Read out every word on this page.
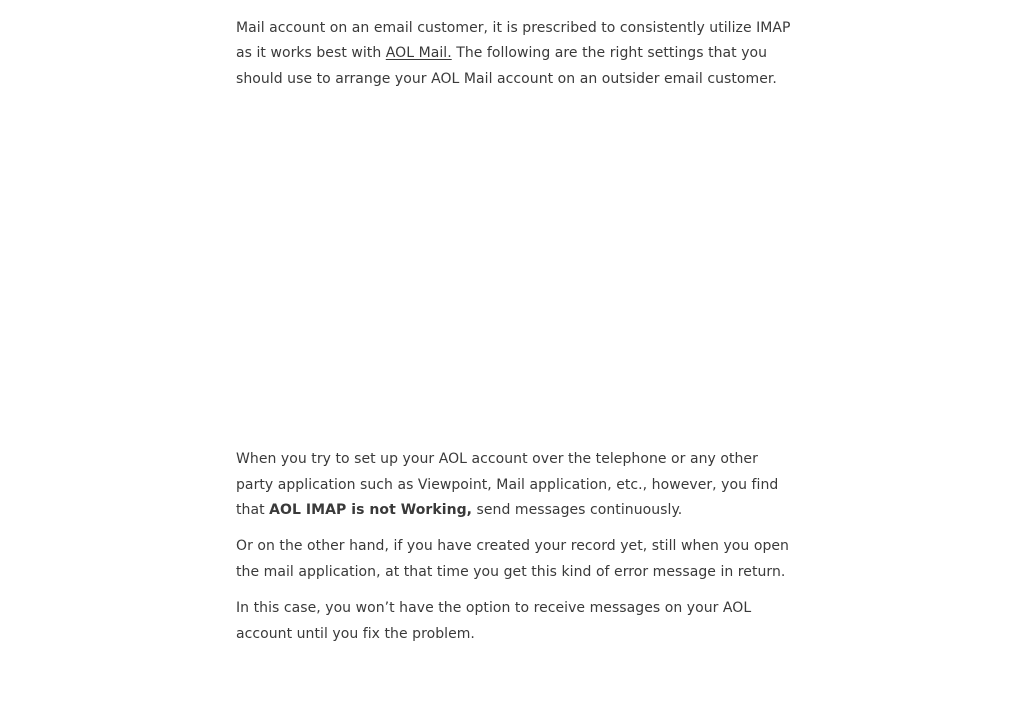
Mail account on an email customer, it is prescribed to consistently utilize IMAP as it works best with AOL Mail. The following are the right settings that you should use to arrange your AOL Mail account on an outsider email customer.

When you try to set up your AOL account over the telephone or any other party application such as Viewpoint, Mail application, etc., however, you find that AOL IMAP is not Working, send messages continuously.

Or on the other hand, if you have created your record yet, still when you open the mail application, at that time you get this kind of error message in return.

In this case, you won’t have the option to receive messages on your AOL account until you fix the problem.
